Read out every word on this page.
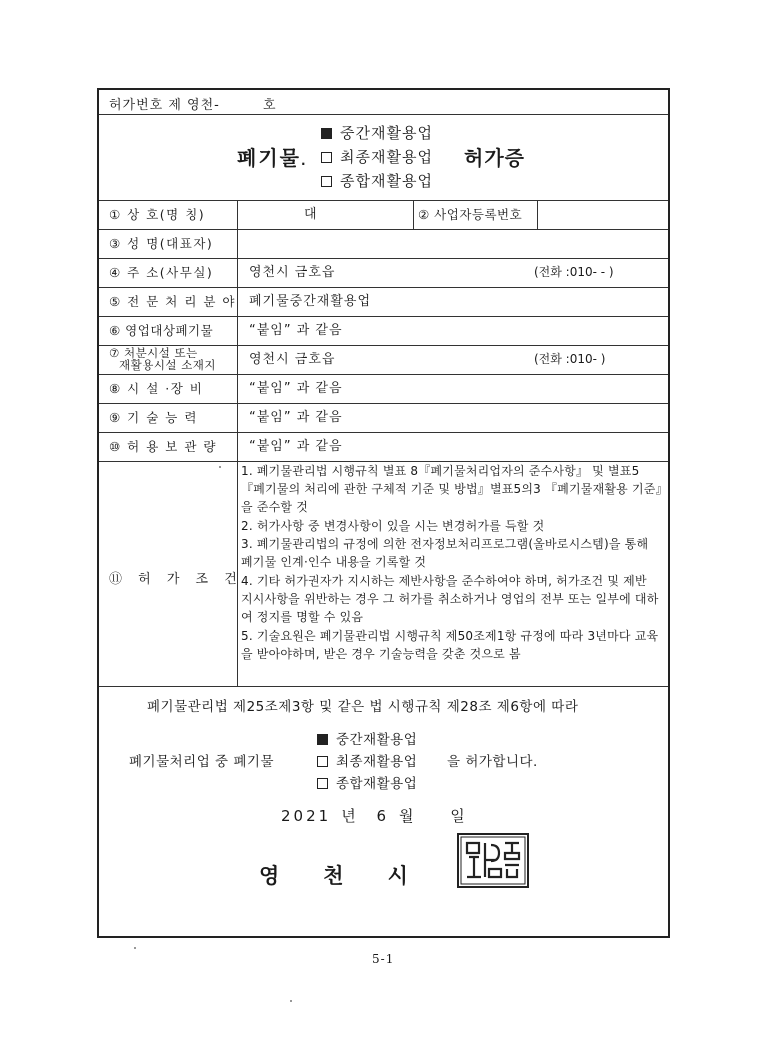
허가번호 제 영천-	호
폐기물.
중간재활용업
최종재활용업
종합재활용업
허가증
① 상 호(명 칭)	대	② 사업자등록번호
③ 성 명(대표자)
④ 주 소(사무실)	영천시 금호읍	(전화 :010- - )
⑤ 전 문 처 리 분 야 폐기물중간재활용업
⑥ 영업대상폐기물	“붙임” 과 같음
⑦ 처분시설 또는
재활용시설 소재지	영천시 금호읍	(전화 :010- )
⑧ 시 설 ·장 비	“붙임” 과 같음
⑨ 기 술 능 력	“붙임” 과 같음
⑩ 허 용 보 관 량 “붙임” 과 같음
⑪ 허 가 조 건
1. 폐기물관리법 시행규칙 별표 8『폐기물처리업자의 준수사항』 및 별표5『폐기물의 처리에 관한 구체적 기준 및 방법』별표5의3 『폐기물재활용 기준』을 준수할 것
2. 허가사항 중 변경사항이 있을 시는 변경허가를 득할 것
3. 폐기물관리법의 규정에 의한 전자정보처리프로그램(올바로시스템)을 통해 폐기물 인계·인수 내용을 기록할 것
4. 기타 허가권자가 지시하는 제반사항을 준수하여야 하며, 허가조건 및 제반 지시사항을 위반하는 경우 그 허가를 취소하거나 영업의 전부 또는 일부에 대하여 정지를 명할 수 있음
5. 기술요원은 폐기물관리법 시행규칙 제50조제1항 규정에 따라 3년마다 교육을 받아야하며, 받은 경우 기술능력을 갖춘 것으로 봄
폐기물관리법 제25조제3항 및 같은 법 시행규칙 제28조 제6항에 따라
폐기물처리업 중 폐기물
중간재활용업
최종재활용업
종합재활용업
을 허가합니다.
2021 년 6 월 일
영천시
5-1
